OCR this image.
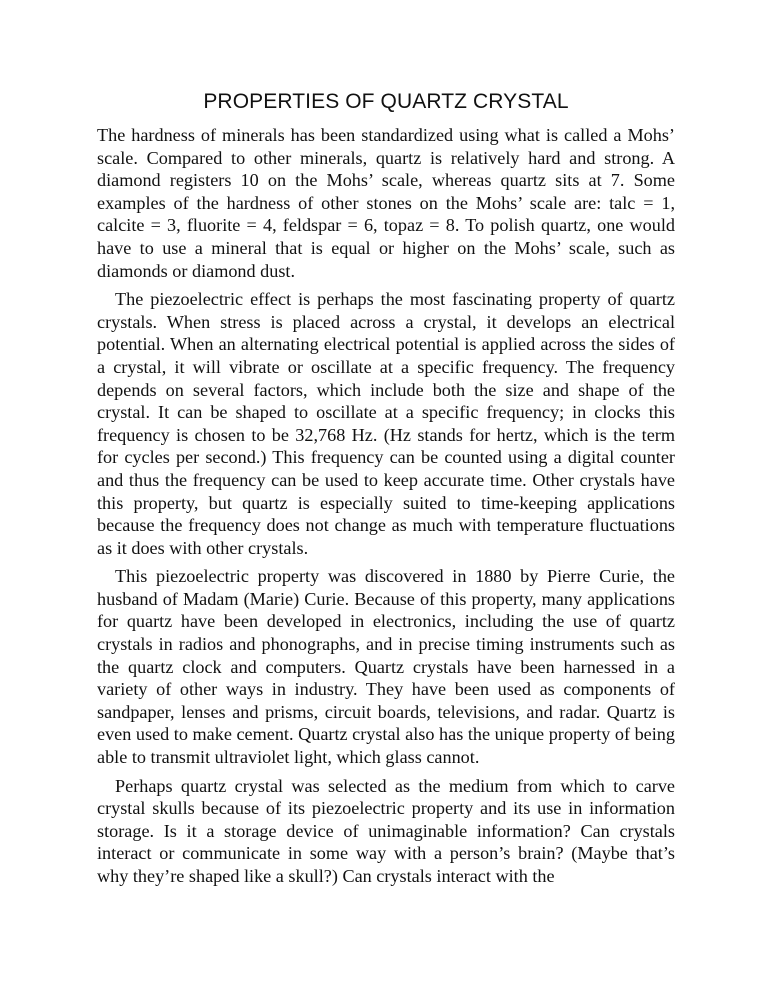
PROPERTIES OF QUARTZ CRYSTAL

The hardness of minerals has been standardized using what is called a Mohs’ scale. Compared to other minerals, quartz is relatively hard and strong. A diamond registers 10 on the Mohs’ scale, whereas quartz sits at 7. Some examples of the hardness of other stones on the Mohs’ scale are: talc = 1, calcite = 3, fluorite = 4, feldspar = 6, topaz = 8. To polish quartz, one would have to use a mineral that is equal or higher on the Mohs’ scale, such as diamonds or diamond dust.

The piezoelectric effect is perhaps the most fascinating property of quartz crystals. When stress is placed across a crystal, it develops an electrical potential. When an alternating electrical potential is applied across the sides of a crystal, it will vibrate or oscillate at a specific frequency. The frequency depends on several factors, which include both the size and shape of the crystal. It can be shaped to oscillate at a specific frequency; in clocks this frequency is chosen to be 32,768 Hz. (Hz stands for hertz, which is the term for cycles per second.) This frequency can be counted using a digital counter and thus the frequency can be used to keep accurate time. Other crystals have this property, but quartz is especially suited to time-keeping applications because the frequency does not change as much with temperature fluctuations as it does with other crystals.

This piezoelectric property was discovered in 1880 by Pierre Curie, the husband of Madam (Marie) Curie. Because of this property, many applications for quartz have been developed in electronics, including the use of quartz crystals in radios and phonographs, and in precise timing instruments such as the quartz clock and computers. Quartz crystals have been harnessed in a variety of other ways in industry. They have been used as components of sandpaper, lenses and prisms, circuit boards, televisions, and radar. Quartz is even used to make cement. Quartz crystal also has the unique property of being able to transmit ultraviolet light, which glass cannot.

Perhaps quartz crystal was selected as the medium from which to carve crystal skulls because of its piezoelectric property and its use in information storage. Is it a storage device of unimaginable information? Can crystals interact or communicate in some way with a person’s brain? (Maybe that’s why they’re shaped like a skull?) Can crystals interact with the
